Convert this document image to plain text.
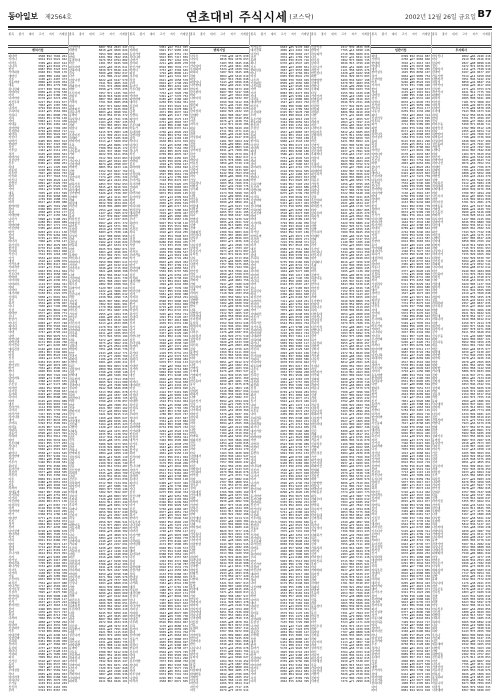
동아일보 제2564호	연초대비 주식시세 $^{(코스닥)}$	2002년 12월 26일 금요일 B7
종목 종가 대비 고가 저가 거래량
벤처기업
파다바	4508 ▼42 7604 261
카라나	9914 ▼14 5621 942
아라우	3309 ▲84 2647 612
나나차	6693 ▲44 8442 271
한신	9987 ▼50 3323 672
가아파차	0948 ▼41 7820 176
대바신	1000 ▼88 1402 403
사우	1106 ▲41 4407 473
성동바아	0800 ▲30 6435 954
대동	4964 ▼84 4779 596
차나삼파	6377 ▼48 7034 961
라마타사	0950 ▲16 2739 538
아차	8501 ▲24 5300 745
다자마자	0178 ▲52 3274 268
자진우차	0217 ▼92 3319 677
파다	7963 ▲55 1387 556
나라자	9794 ▼40 8322 033
우하타나	4143 ▲55 2564 004
가하다	0346 ▼81 0898 759
사하	0632 ▼51 6702 130
카타	5903 ▲11 3131 438
타대동	3742 ▼26 4481 442
성마한다	4703 ▲04 7304 450
차성한나	9792 ▲39 6843 717
파아하	0430 ▼20 9622 927
자신다	1078 ▼00 1290 025
다바카	0405 ▼69 3867 013
한파한	9821 ▼27 3323 990
사신	9723 ▼58 5287 876
가우삼	1443 ▲32 2111 243
성라	0105 ▲50 6894 561
타바카나	1661 ▼78 3657 973
성성삼가	0699 ▲07 2690 271
신우	8456 ▲71 1860 261
차대	5573 ▲11 1325 029
자동대	2190 ▼04 1564 911
차우한	7607 ▲96 9691 703
아신파	2112 ▼77 7618 574
마신사	7507 ▼48 4624 144
진한진	0891 ▲07 0429 703
하타	4207 ▲25 6522 326
가마	2941 ▲72 9499 176
대동	7935 ▲18 2313 599
차타	2146 ▼16 9068 606
바성	1749 ▼40 1988 374
마차	8617 ▲02 8485 988
한바타삼	0496 ▲05 7619 290
라타	0360 ▼06 2937 958
하삼	4958 ▲09 2710 177
아대한바	8799 ▲77 2155 584
나차가	5898 ▲41 5108 291
마가	6288 ▼91 4894 089
라바타바	8762 ▼67 1771 372
마진한자	5385 ▲82 4018 575
바라	8203 ▲59 2111 130
신타	5295 ▼78 9262 949
성파	6745 ▲11 0811 276
타다라	7960 ▲35 1794 147
하카성우	0747 ▼82 4679 083
한라성	0770 ▼12 1296 676
진타파	9791 ▼21 6813 068
가신사	7512 ▼39 1218 430
가가	9532 ▲42 6661 370
대삼	1510 ▲11 1299 979
가카우마	0761 ▼80 8117 002
가파라카	2197 ▲73 3342 067
바가신	6663 ▼36 4314 004
신우나가	9393 ▼04 3658 300
타바바	2947 ▲23 1146 562
다아차차	3898 ▲19 4336 031
아타파우	1114 ▼77 2964 341
타파	1323 ▲53 9955 735
다차타	3524 ▲18 1594 916
대사자타	5150 ▼31 1321 979
가라하	5058 ▲71 6691 661
성신	5474 ▲30 9085 124
하사	4534 ▲06 2739 007
다나	7930 ▲94 7345 958
진삼	3140 ▼56 8841 798
타타한	6577 ▲01 1836 771
우나	4870 ▲73 6372 175
한삼카	0992 ▼16 0560 462
마나신	6903 ▲47 3537 748
파다나	0803 ▼78 5503 924
대가바	4693 ▼88 7459 188
다대	3747 ▲99 8720 414
나바	6391 ▼90 9679 571
타한사아	3061 ▼98 4668 003
자바진라	0172 ▼60 4102 768
라카진나	6277 ▲61 6245 883
대하진삼	6140 ▲80 3410 876
마성	2051 ▼63 3346 069
타성	4328 ▼09 8523 104
신성	1044 ▲14 2270 159
사아	8454 ▼15 8357 887
한아성신	7045 ▲90 4874 405
바가	7932 ▲01 2596 001
한다	2606 ▼29 3240 454
성다	9330 ▼60 7322 919
다마자하	4090 ▲74 3108 721
하하	2368 ▲72 0297 635
우진성	7216 ▲17 5173 486
타라한	1062 ▼52 9838 027
다사성	5798 ▼75 3592 657
동아파	8423 ▲97 6045 076
다아아	0948 ▼09 8588 485
타바	0145 ▲50 0991 089
대우	0618 ▼49 9093 310
진타가우	1114 ▼38 9855 118
나라차	6933 ▼65 7776 026
타라가가	7417 ▼25 5768 234
라카사차	5769 ▼21 7561 972
대카	0435 ▼37 8633 959
우마하	5392 ▼72 3509 691
타차동	0139 ▼07 7274 232
라파하	3975 ▼30 1928 862
성동카	6590 ▲52 3471 391
라하바	8014 ▼54 5914 709
타타	9952 ▼46 5634 601
진우아파	0921 ▼55 7777 203
가나다	9222 ▲34 6987 499
라성	5840 ▲51 2519 647
파마사	9558 ▲77 0219 545
삼라한마	2653 ▼37 9182 311
가라	3861 ▲98 3506 916
카우카	5446 ▼93 8194 581
하타성	5830 ▼76 2560 055
동라신카	2042 ▼85 9364 086
성진아	5677 ▲08 1818 505
라진라	7281 ▼19 3350 924
타우	8869 ▼41 0478 222
가우	6480 ▲78 0051 034
신동	0397 ▲99 2994 323
라자마	1046 ▼70 5682 522
삼대동마	5847 ▼07 3505 216
사가라나	0172 ▲89 2751 853
아가차	2778 ▼84 8340 538
타신한자	2636 ▼83 8371 130
타삼차성	4837 ▲73 0367 717
라자	0118 ▼40 6790 301
성마바아	7442 ▼39 2447 205
마가	5368 ▼74 1786 148
타다한	6771 ▲75 2118 446
신진	3617 ▲86 5254 974
성가	6864 ▼62 4427 598
신바	1234 ▼57 4230 968
다아성마	8728 ▲76 9089 678
한다라아	9989 ▼85 7595 574
자가	7158 ▼58 0318 316
아하	8021 ▼12 8486 707
타타	7523 ▼55 9672 147
삼대	5714 ▲92 8540 541
성타	2577 ▲11 8101 187
우나가차	4614 ▼34 3572 991
사자	5345 ▲64 9483 200
타카성	6018 ▲25 2417 200
한파진하	7709 ▼45 4310 901
파나카사	3152 ▲82 4488 829
라사우	7215 ▲90 4645 639
다가마	1168 ▼97 3702 338
가동	5400 ▲49 3285 892
우신마우	6831 ▼88 9793 404
파성진	7552 ▲62 6637 980
마나가신	1717 ▲62 4502 463
자가우성	7000 ▼71 7350 162
진성라	7825 ▲17 8475 596
한카타동	5301 ▼28 5898 198
마신카	1341 ▼77 5820 117
신가	2637 ▲91 6475 223
한자라신	1199 ▲33 3663 134
신마	4490 ▼05 0047 393
동마	1976 ▲40 7671 727
신삼	5039 ▲00 8713 760
나자바	7860 ▼95 6758 247
우대	4858 ▲27 9358 262
타차바	4910 ▲54 3931 508
진삼파카	8709 ▼16 4038 344
카우	3710 ▼06 8864 959
타대진마	5594 ▲19 2240 631
라삼삼바	8702 ▼94 6306 648
진하대	0451 ▼86 0195 958
신마차	1100 ▲77 3984 067
동성대	2737 ▲47 5652 165
자다사	1164 ▲17 6128 153
가차파	0580 ▲75 7685 030
파성	7899 ▼02 3613 081
가가신	9510 ▲87 9547 467
동차	9912 ▼46 0537 082
파마	7997 ▲87 2310 831
우대성삼	8813 ▼97 5569 523
라다	0665 ▲30 2681 953
타아자라	4380 ▼06 6168 540
차하다나	9074 ▼95 3075 339
우가동	4149 ▼14 4243 249
신신라	9292 ▼32 4410 959
우타	5314 ▼33 8367 765
종목 종가 대비 고가 저가 거래량
삼성마대	6087 ▼34 2623 247
타한라	8818 ▲20 9668 824
바마	3954 ▼90 4640 220
한대	6301 ▼82 7822 256
동라차대	3976 ▼53 0794 882
타진	1281 ▼57 9225 500
파우아바	1655 ▲83 3515 011
삼하아대	3838 ▼73 8540 241
신사	5000 ▲80 3092 017
나가	1151 ▼86 2112 080
아삼나삼	6022 ▲44 9147 579
신가	7041 ▼41 4605 324
마파진아	3701 ▼74 2868 808
바한	9598 ▲73 3765 235
우신카자	7057 ▼71 1345 704
자다우	8018 ▼18 5928 030
우동	0807 ▼63 4849 036
카라라	3791 ▼45 0985 058
대자	5457 ▼71 6402 006
파마파신	4348 ▼77 8145 069
차동나카	9003 ▲61 0698 591
동바아	5619 ▼54 8716 372
하사라나	0250 ▲56 7321 536
바대카	4103 ▲53 7587 235
라타	7704 ▼65 9553 382
대삼나	0987 ▼14 4358 830
카성	5215 ▼75 2903 128
우삼아진	2111 ▼99 2613 614
차대바	2172 ▼25 5185 840
한자카마	9113 ▲17 5460 652
우하	0750 ▲56 8906 179
마나동	7588 ▼59 8145 172
사사동차	1061 ▼37 3840 759
카타	0622 ▼35 6411 856
마타	3512 ▼91 6343 863
가나카나	9523 ▲87 0344 207
신자성바	8074 ▲66 2598 667
마바카	0805 ▼52 0433 144
진한	6152 ▼43 6637 762
하파	1722 ▲57 0921 919
성가다차	7174 ▲07 2781 324
자하	6602 ▲12 2424 254
파하가우	4853 ▼37 5592 653
우사신마	5815 ▲15 8416 561
파우대마	0903 ▲50 8955 929
성카한마	5426 ▲10 7330 387
삼마바	1897 ▲12 4111 367
자파	2616 ▼80 4978 124
대성대	0032 ▼49 4534 001
차진다	8348 ▼96 4989 887
대다	2554 ▲43 3222 364
우사	1227 ▲61 7905 672
동자	5127 ▼39 8947 680
타삼신신	0127 ▲13 1937 023
바바삼진	9567 ▲82 2971 372
파가동	6844 ▲22 5371 304
우삼아	2019 ▲52 6750 236
진대진	8283 ▲70 7038 146
삼성자	2247 ▼88 8296 956
삼자	8628 ▲59 5735 265
나신나	1902 ▲19 1540 824
한동하	3186 ▲67 6334 372
아자	0525 ▼31 5002 871
우신	0463 ▲93 4346 001
동자바	5763 ▼02 7971 723
바신하나	9512 ▲99 4953 359
바대카다	3959 ▼09 0983 611
가우마	1687 ▲03 0132 614
라가라우	3048 ▲69 3715 069
라나	3821 ▲88 8498 398
나마	8832 ▼66 0542 516
가진마파	2721 ▼30 2431 739
동나마하	0051 ▼08 2363 987
대우신	2882 ▼93 0308 564
하바가아	5129 ▼87 1329 314
동나	4222 ▲41 3966 307
신진나자	7315 ▲48 6885 612
라삼	2238 ▼66 2290 715
성사신	0625 ▼07 5891 859
가자파	7802 ▼47 8281 981
바아바자	1778 ▼60 6608 037
마우진	2417 ▼51 9487 236
가사자	2955 ▲31 1064 335
한성우	2481 ▲90 2631 322
자나	0180 ▼15 9318 720
다진사사	8113 ▲16 2633 085
차카차하	4178 ▼31 9877 404
타카바파	1159 ▼92 1140 501
차우하	9411 ▲63 3305 853
사바하	7673 ▼24 5559 194
다하	5472 ▲27 4669 222
가신대	3075 ▲52 3662 434
성차다	0678 ▲76 2564 636
바삼바	7051 ▲88 9346 736
한카	2243 ▲08 1612 771
진라신	2770 ▲77 2289 769
파타다	1196 ▲36 2735 645
다한아	9401 ▲83 2180 411
하진	4660 ▼92 0053 518
성삼삼타	2809 ▼66 8768 831
사삼	4798 ▲39 1598 148
한타대	3286 ▲80 5100 392
라동한라	6735 ▲19 7014 358
성카대	9695 ▼22 1914 689
성라타다	3550 ▲35 7048 908
성나바	9942 ▼48 5820 098
마타사	5313 ▼50 2601 078
하대	2068 ▲44 1837 195
한진마다	4843 ▲22 3830 725
마차	9790 ▲50 1738 857
한아	5699 ▲00 7008 351
진라	4521 ▼87 3383 162
한타카차	5717 ▲46 8554 982
삼성	3421 ▼29 8215 513
아자신	1260 ▲44 9665 627
타성대진	9988 ▲89 8156 201
진신파	5164 ▲18 0535 223
나한라	1228 ▲37 1814 043
다파동	5282 ▲44 1071 853
다사나	9235 ▼51 1138 552
삼진	4217 ▼34 7918 414
신우	4649 ▲88 3371 296
신차	5986 ▼28 3173 963
삼카	9138 ▼24 8690 978
카하나	3768 ▼74 6953 540
한마파성	2884 ▲44 1059 110
성삼삼하	0626 ▲12 5626 110
사다	9030 ▼17 2965 001
차타	2100 ▼19 3226 749
삼동	6229 ▼12 5704 487
진신신한	1371 ▼21 1852 893
하대성	0345 ▲26 4569 709
사대	6720 ▼31 9616 561
진진우	4406 ▲59 3764 030
차차하마	0712 ▼65 7134 091
대자신타	4537 ▲67 5086 741
가자	9983 ▼77 5760 146
타하대	3402 ▼27 3922 607
성다사	5810 ▲66 0063 957
우타하	7128 ▲94 6103 206
신신신	8324 ▼11 2033 444
우나가	8500 ▲28 6951 572
하바나	7585 ▼34 0779 599
자사	0656 ▼02 8337 640
신다사	9342 ▲31 2507 220
차성	2702 ▼55 9565 670
차진	2056 ▼27 7686 941
대한아동	7116 ▼77 2963 153
가동가차	7519 ▼78 0467 883
진사	0296 ▲76 2028 302
사나	4461 ▲35 4699 971
타사라	5893 ▲42 1975 911
삼마라하	2146 ▲97 1419 400
가나파	4347 ▲53 2157 691
우진차	6438 ▲07 3695 861
카동마성	4277 ▲12 1228 319
아대	6306 ▲74 1548 899
파진	4516 ▲90 6985 374
삼삼차가	4822 ▲17 6158 594
아신차라	5788 ▲82 2512 206
라우신	0241 ▲78 3348 553
차나자파	5931 ▼23 1647 998
바대삼	8259 ▲62 8798 348
자사사삼	6571 ▼04 7285 976
하타나	8538 ▲70 7577 365
신성나	9493 ▲44 6868 634
가한	0024 ▼39 8394 880
삼다	7809 ▼22 4009 079
신동나	6696 ▲51 8269 669
차바	9427 ▲47 9142 824
파진우우	2846 ▼86 4466 607
아바파신	3006 ▼25 3030 651
하마차신	6368 ▼62 3022 239
우진라다	5672 ▼04 5469 410
사차	5645 ▼47 6059 441
성하	6871 ▲93 3645 283
마가	8607 ▼81 0857 542
다다	2072 ▼44 2634 935
진진삼	4062 ▲98 3272 015
하성한카	0421 ▲22 7991 848
아차	4921 ▼65 1115 043
성진나자	8993 ▼79 4309 908
차파	2556 ▼09 6635 737
차신가진	1031 ▲92 8284 735
마자하한	4851 ▼88 1110 828
동마바	7370 ▼28 9361 389
신동동	0788 ▼67 6412 639
진나삼마	0963 ▼52 4539 886
차마사사	8291 ▲74 8212 769
자아차	7842 ▼22 0015 447
차바카파	3935 ▼01 8271 158
다카사	7320 ▼72 5187 828
신자	9161 ▲03 2198 248
라타라타	3897 ▲80 6786 936
다대삼타	9692 ▲81 4603 835
파자하	0211 ▼64 0426 101
종목 종가 대비 고가 저가 거래량
다동	5981 ▲92 7514 945
자파대	5821 ▼17 9985 160
동삼가아	6605 ▲20 3351 743
사다나자	9813 ▼05 7417 859
나한가	1662 ▼97 1216 079
삼아파	2211 ▲88 4095 278
한신가아	8592 ▼86 7632 777
바자사	3753 ▲87 3302 645
파성	1792 ▲86 8896 141
성우대	9017 ▲44 7241 027
라삼	0621 ▲08 1658 578
우타	0024 ▲57 1748 294
동아신	0084 ▼83 4219 429
가우나삼	9247 ▲96 6706 443
마마	7763 ▲13 7020 758
카타바	5491 ▲17 7270 752
파한바마	0185 ▲07 4186 440
대다우	6250 ▼25 5464 361
진진바	0313 ▼43 5622 161
진동	6435 ▼44 0478 886
나신	2071 ▼80 4637 344
신한하	8299 ▲95 3117 799
파아아	3406 ▼00 1575 133
마대	0751 ▲69 3893 337
우우사파	0418 ▼86 4180 590
바동가	2493 ▼68 0337 611
동대차자	2766 ▲94 4626 222
나한차삼	5949 ▼84 9752 352
삼차	6111 ▲91 4104 128
라다사	2638 ▼84 2231 919
다라다	7133 ▲55 0258 780
진라신	1538 ▼25 7164 350
성나카	4812 ▼85 3079 919
자신	0709 ▼84 4876 347
대삼파타	8168 ▼82 2456 815
카바대	9239 ▼29 6039 251
진우	1918 ▲75 5950 147
하바바차	8030 ▼61 1962 692
타동	5686 ▼28 6231 270
아성삼하	4597 ▼89 2661 719
우마파	0114 ▲72 1709 602
우아카동	7318 ▼50 8374 937
차사라마	3614 ▼79 5426 475
가파파	3141 ▼48 6983 463
동진	8156 ▼60 6644 935
다마라다	9872 ▼54 6995 125
동아마성	1873 ▲14 2399 814
자바	3270 ▲37 2572 545
자자	2836 ▲76 2969 519
타하사다	3345 ▲86 6717 631
한라진성	2167 ▼01 7280 632
대하삼가	7619 ▲67 2839 447
바마한	2648 ▲95 1860 456
우아	3746 ▼52 2967 136
하바아	9027 ▼54 9748 116
가동	3439 ▼15 5531 809
신자진	1855 ▼83 6097 786
자하	1916 ▲63 1544 255
나신	7263 ▼54 7848 873
성성	2833 ▼69 1142 020
우라바타	8286 ▼18 3992 435
카한	7713 ▼33 3535 365
성한	1959 ▼40 4866 037
카가진	4936 ▼36 5269 527
우바가동	9931 ▲14 5619 166
자가	8858 ▲66 3742 284
마카삼	8603 ▲29 1822 452
바카	7834 ▼37 2799 151
진바아파	7980 ▲14 4950 564
라마바	5502 ▼45 9707 509
삼진	8202 ▲76 6354 433
타성파	3943 ▲38 5738 016
대자라한	4723 ▼84 0915 889
진하	1992 ▲38 2242 058
아차	0330 ▲07 7939 330
바차신아	5617 ▼95 5334 658
카라	5681 ▲32 3036 388
라자차	7609 ▲93 9518 291
삼바파	8508 ▼33 5890 993
한가	6740 ▼97 3016 068
동자성	6719 ▲20 2432 027
마삼아	5587 ▼52 0747 974
하카신	3245 ▲64 7952 721
진대사	1991 ▼74 3145 457
마바	6743 ▼87 4813 808
신자	4939 ▼11 6331 106
성카	4618 ▲95 2407 081
다가	0472 ▲61 8328 084
카라	3437 ▲59 2129 426
라한나카	8261 ▼02 2149 324
삼진	5194 ▲91 1399 438
우다성하	3628 ▲10 3638 320
라자타	4295 ▲07 1371 262
라삼	3474 ▲98 4089 300
하가타	1419 ▼75 0731 472
나신진	8354 ▲52 5372 533
차파사	4077 ▲18 9902 484
성라	5979 ▼77 3342 133
가대한	7340 ▲82 7684 917
성가마	8790 ▲06 0714 680
사가	5894 ▼20 9283 435
대신	9881 ▼71 9248 439
아타	2816 ▲05 0834 851
타자다	6624 ▲22 7644 658
대아파진	3212 ▲84 2434 451
마삼	1927 ▲43 0832 020
자가사	2412 ▼37 5419 695
타성타	2996 ▲20 9895 169
파아동	2260 ▲03 2251 612
타대한	1522 ▼74 5416 964
차아성	8784 ▲35 6660 205
마성하	5835 ▲95 7703 336
진가	4287 ▼63 5783 645
우파마	1780 ▼87 3676 747
자다아	8162 ▲90 1567 847
대파	3354 ▲19 2723 882
가사삼아	8814 ▼83 3908 706
하바바바	0734 ▼38 5675 742
카가파라	2294 ▲20 2522 170
한우마	7031 ▲64 6398 811
아삼라	1777 ▼87 0952 341
대가가	3402 ▼00 2595 860
아가우	5927 ▲11 4038 278
한대	4643 ▲81 2547 058
삼가성	1783 ▲30 2579 187
하바	4661 ▲56 9150 119
신라아다	0531 ▼96 0311 004
동자	6434 ▼61 3712 189
한가	3179 ▼55 2948 206
신나사바	5964 ▲33 4041 836
사타가	8013 ▼12 8599 694
카동한다	0511 ▼11 9462 402
성아바	0984 ▲94 2738 865
동대사	9257 ▼66 5093 118
파아사	6409 ▲27 6247 449
아한	1355 ▲78 7738 068
가나	0005 ▼09 2673 127
삼성	6275 ▼29 1646 334
라신사바	3393 ▲82 9251 556
동우	6493 ▲56 2192 964
마자마	0346 ▼62 2249 664
다가	5328 ▼46 9029 525
진진	5750 ▲99 4482 407
삼타동	0977 ▲94 2851 742
하가	2407 ▲59 7021 807
한마카	8707 ▼57 0646 510
아동우아	9963 ▼52 2602 210
나나성다	7474 ▲36 7472 212
바가라	4102 ▼30 7621 215
아바라	1720 ▲33 7850 117
아자가한	2368 ▲55 9870 998
카신	2742 ▲97 3904 770
다차파동	1375 ▼70 8104 407
아마삼차	2172 ▼67 2500 955
한마	6048 ▼61 5195 572
대바	3776 ▼24 5103 994
동타하카	8388 ▼19 7852 315
나진	4798 ▼97 2357 567
차파	1363 ▼40 3371 868
차성	9214 ▼71 2740 787
하한대바	3910 ▼72 1531 779
삼삼카아	6823 ▲14 4555 681
삼하	2133 ▼70 6368 357
마대성	0684 ▼18 8060 025
라한동	7023 ▲45 8751 692
나카파	3452 ▲61 8341 158
대라	3967 ▲77 6781 150
라동한	1488 ▼97 1538 084
대사사한	7983 ▲74 2647 171
신성사	1989 ▲57 8994 304
아나	7387 ▲13 9414 132
하한사	1465 ▼00 0927 632
가나카카	5320 ▼60 2201 327
사파성	4082 ▼20 5114 126
카파대	3643 ▲68 8027 905
타타진마	1848 ▲69 7395 738
아대진	5232 ▲39 4201 498
다우파	8526 ▼99 0016 067
우하	1170 ▲64 8680 151
삼자아	5297 ▲69 6059 495
하대	9939 ▲36 3331 762
진마아타	2399 ▲45 0664 851
성동가	4273 ▲27 5800 973
다진	4605 ▼39 8094 697
차차다	7683 ▲15 9496 087
한동마	9659 ▲81 8798 477
삼우마	0504 ▲55 7979 745
다대	1135 ▼40 9505 991
나마	8910 ▼33 5211 290
삼우마한	7073 ▼29 4808 702
자다파	4825 ▼02 5393 506
진진	3057 ▼97 5577 729
카아	6952 ▲80 3651 418
바우성아	5974 ▼99 7341 334
나삼대	0226 ▼83 7166 570
마라자	4568 ▼67 6871 605
종목 종가 대비 고가 저가 거래량
벤처기업
사사우	7798 ▲30 4475 630
사사다	9818 ▼92 1078 653
마바	3183 ▼55 3845 046
가나다타	2735 ▲04 3831 268
우대하마	5324 ▲38 1029 592
파하다	3287 ▼22 3625 408
라타	9004 ▲90 5410 019
파성	3667 ▼10 7846 848
파삼다나	3143 ▲03 9496 846
사카한대	5962 ▲90 2221 939
한사자	9481 ▼49 0473 490
삼우한라	8907 ▼87 5247 508
마다	3107 ▲07 3564 090
나타아차	4040 ▲49 5932 387
한카	4599 ▼40 3412 366
대진파	3674 ▲46 7129 382
동가	5254 ▼44 1083 629
삼아삼차	9402 ▼25 2432 193
삼대바	6264 ▼08 3027 897
카성	9200 ▼07 0340 258
카진	4676 ▲71 4238 751
자우사	1212 ▼71 9210 386
파나	5675 ▼06 9429 290
진동	2711 ▼01 4771 643
차카	6385 ▲94 2140 924
라성진파	3896 ▲61 8127 830
대사	4281 ▼07 0464 322
진삼	5106 ▲89 8891 496
차성	0788 ▲38 8863 544
성카자진	8441 ▲75 7268 281
차가	7990 ▼26 2579 001
신아	5583 ▼21 3822 017
바사다	9276 ▼78 9386 124
마동신	3859 ▲05 5749 119
나진카	5321 ▼30 0191 004
신다가	7782 ▼55 4333 987
파바카	8142 ▼69 7563 650
라사	8838 ▲86 3068 331
가성	2185 ▲97 5516 028
차동라나	3665 ▼54 7260 031
마타신	5467 ▲32 7240 775
성우파	5168 ▼99 7129 418
다삼	1574 ▼45 5698 793
나차	1642 ▲89 0056 444
마우동	1126 ▼72 4423 918
바차우	0590 ▲55 8899 461
마삼대	9753 ▲26 0143 713
다차신	7914 ▲87 2397 055
대우한	4065 ▼37 3431 185
하나	5019 ▼08 6347 320
한바사	2502 ▼21 5239 522
아우차	9095 ▲34 2021 522
신바	4546 ▼13 6980 150
진바	6496 ▲78 2854 714
라파파진	2380 ▼41 8003 024
라신라나	7055 ▼87 4589 007
삼사우	9093 ▲56 8926 663
나아	4093 ▲71 4036 320
사나사삼	1867 ▲61 2598 733
삼라차	1682 ▲17 3703 167
우삼우가	3973 ▲33 8274 807
동다신	9913 ▼72 8216 937
사사	5484 ▲91 0713 894
우신차	2976 ▲04 8505 985
사아카	7357 ▼06 5375 865
성성	4252 ▼59 7104 584
한가삼	3678 ▼18 7650 461
아사	2099 ▲67 5700 633
진우차아	8298 ▲12 6350 002
라타자	4381 ▲48 4684 756
카타	3947 ▲87 3180 620
하성차바	4456 ▲97 7828 742
신바	0832 ▼80 1283 917
아대가	7118 ▼20 4783 050
파대동	3383 ▼50 5062 971
성한바	9458 ▼78 6340 892
한파한	3402 ▲86 6508 592
한사	1745 ▲09 3676 529
나하	9403 ▼66 9947 108
삼한차카	7212 ▼27 4265 547
아라삼대	4858 ▼58 9590 843
우아삼차	4670 ▲25 3131 192
동삼차	9762 ▼40 0354 646
대대사차	7444 ▼46 4761 882
성나	8616 ▼78 2487 510
나차우	1476 ▲80 6387 831
나다차사	1256 ▼20 2771 519
성삼차우	7485 ▲39 5525 097
차카	3020 ▲35 6333 599
하신차	8390 ▲26 2003 468
진다	3255 ▲61 6756 223
동라아	1560 ▼19 6111 009
라아카	8774 ▼65 5456 864
타차	5496 ▼49 1378 942
하신차카	9051 ▲27 0912 072
나아	3493 ▲64 1602 451
카마라	1880 ▲05 4103 594
우바대	8176 ▲45 7693 527
가마파카	3414 ▼49 9725 587
다라	0406 ▲93 0251 369
마진동타	4690 ▲00 4281 795
동나	8412 ▼17 9675 878
나사	3135 ▲31 3863 146
삼대신	6318 ▼80 8557 694
파하사	7580 ▼38 3240 042
나바	6854 ▲57 5682 337
하카신가	8592 ▲91 9394 604
신사	2744 ▲21 7185 572
카다성자	6281 ▼22 2115 833
사가차아	9195 ▲52 4558 360
바자가	5370 ▲81 6937 391
자사하	1435 ▲10 7206 102
차다	0549 ▼82 8747 391
라차	8594 ▲15 2565 306
라진	3482 ▲83 2214 586
나삼	5100 ▲11 4716 252
한대	7184 ▲58 3519 094
타마하	3648 ▲64 5456 452
대파사진	1013 ▼95 3826 090
신신	4454 ▲44 5108 845
사가	3879 ▼02 8481 398
라자	1718 ▲58 9124 179
타나	3103 ▼45 4630 900
사대대사	0359 ▼40 1464 927
라동다	9469 ▼25 6527 735
자아대	7557 ▼99 0460 442
타진	5454 ▼56 2330 203
라타차다	0432 ▲15 5143 523
카신하타	2070 ▼66 8640 076
마가삼	0737 ▲76 4733 712
차자	3627 ▲37 6082 644
신하하하	2707 ▼65 4808 951
성우우	7131 ▼53 8779 465
성대	9145 ▲72 0153 987
카하대진	4766 ▼96 3289 169
카우대성	8686 ▲24 9373 501
하한	8958 ▲96 5465 420
대자타	9938 ▲40 4992 599
카가마	9817 ▼73 3318 458
삼하우	8685 ▲95 1624 306
자다아	6343 ▼17 8938 152
한타	7409 ▼22 7402 288
다가대다	0635 ▼27 0114 513
라다자동	1697 ▲64 1960 384
사파	1593 ▼94 8068 541
바자성파	8169 ▼11 8289 444
자성	8029 ▼37 3577 236
가사동다	2208 ▼24 2264 270
다타사사	1164 ▼57 5450 724
사아사가	1381 ▲28 1666 405
아라한삼	9143 ▼07 6254 515
삼차	8546 ▲91 2482 496
나한	0505 ▼82 2622 923
파우	3513 ▼84 3100 550
자대카	9976 ▼70 4036 807
하라나차	3295 ▼44 8520 538
자타신파	6044 ▼35 6618 988
진라한	9111 ▲11 6011 378
바자신	1088 ▲86 6312 758
타파신	2943 ▲51 4593 036
동하	7378 ▼50 4277 420
나한하	6353 ▲45 7974 336
한한	5321 ▼43 9957 013
동자	6300 ▼87 1200 659
타라대	4067 ▲08 8415 496
대파	3271 ▲51 8460 813
가다	8682 ▼98 1807 917
한성사	1947 ▼40 0746 633
라아자사	1911 ▼28 5853 478
대자자	2353 ▲26 2140 519
아사자사	6743 ▲28 3154 489
라사마대	8451 ▼44 7936 609
라나나삼	3593 ▼53 3084 015
신라삼바	5672 ▲86 7810 315
다신삼	4305 ▲28 4878 361
가동	6283 ▼15 9972 630
동대차	2934 ▼87 9357 314
다하	0767 ▼94 9972 099
자카바동	2105 ▼09 8083 468
한신다	5624 ▼49 5245 829
진아타우	0435 ▼82 3961 898
한신	9340 ▲16 9326 428
나나나나	6479 ▲44 2556 678
사바	0733 ▲40 8184 794
대카사	0817 ▼56 2991 711
동타사	8782 ▲41 5698 627
아타	1664 ▼63 5729 452
동진	4024 ▲78 1887 892
동라	4278 ▲59 9808 264
다삼파대	0438 ▼00 4285 375
바대바동	9842 ▲90 2780 006
라타바	4194 ▼84 2405 252
아성성	8425 ▼68 1110 387
자신다	1666 ▼31 9814 312
자신카	4686 ▲93 7317 235
아우	6579 ▲75 4379 914
종목 종가 대비 고가 저가 거래량
가라동신	6603 ▲05 9170 940
대차진하	4006 ▲54 4416 322
다진타	2969 ▼38 6002 227
성신	3972 ▲81 1769 792
동바	6054 ▼30 8370 716
파나	6370 ▲04 0547 445
신우	4003 ▲63 4005 661
한파삼동	3687 ▲63 9553 869
마나	8512 ▲57 2784 001
타성	0965 ▼28 8941 270
나우라	9968 ▼30 7603 929
가삼파신	8509 ▲26 2656 680
나신하동	4292 ▲47 0520 616
가바	4239 ▲22 1456 332
가라	8083 ▼81 8473 059
진대	2365 ▲65 9369 146
나차동	1710 ▲41 6880 866
대대아가	1547 ▲63 2915 762
바진우	3984 ▼08 5900 845
타차	5510 ▲14 3789 582
우성대라	6325 ▼67 9678 798
우마	6643 ▼88 0944 155
동우카다	5442 ▲92 9013 218
한동타자	3342 ▼48 6659 561
한우라	1263 ▼46 1154 942
우삼신	9973 ▼43 5559 213
성다	4567 ▲43 0883 347
동파	1912 ▼01 1510 165
마라	3136 ▼47 7903 189
한가하	9960 ▲14 2543 150
다성삼	5794 ▼89 6173 101
자아바	1416 ▼44 0592 051
파대	4501 ▼09 8290 188
대성	3586 ▲91 3242 185
신카	7751 ▲19 2645 515
자파	0604 ▲49 8185 560
성타	2452 ▲47 7600 647
하마파우	8241 ▲93 4716 375
파타	2194 ▼30 9041 505
아대	3636 ▲32 1460 037
한파나	1941 ▲99 0915 813
마한	2824 ▼13 6925 057
우하신바	5349 ▼62 7493 232
진신마	0422 ▲97 4616 886
다한다타	3040 ▲20 7383 282
파대	8275 ▲25 5749 750
아사하	1135 ▼28 0649 071
사삼바자	8941 ▲04 5392 918
파우	5433 ▲01 6217 401
삼나바파	0715 ▼18 9955 999
카하타타	0855 ▲05 6258 783
진자진마	4518 ▲01 8473 690
마바	3946 ▼04 6324 933
바대	4342 ▲38 8189 140
사사타하	3794 ▼60 4166 950
사나	7105 ▼43 2642 120
마라	5692 ▲88 9386 755
차가삼	9563 ▼92 5397 186
타한동마	3239 ▲49 2974 179
차사자	1832 ▼63 0876 271
가신타	7215 ▼76 8658 371
타사	5369 ▼57 8543 935
대진	6589 ▼72 7911 082
나타	2942 ▲26 8506 668
삼대	0422 ▼28 5339 011
우하하	5639 ▼22 3808 366
차다바	9735 ▼26 0166 699
가타	7273 ▲90 8741 371
하타	8246 ▲59 8026 598
차다대	1664 ▲98 5277 948
타타바	3962 ▼26 1217 198
파신카	4268 ▲44 7146 336
카나하	4354 ▼50 1065 454
아바	6343 ▼35 6587 247
진다	3613 ▲37 5185 893
동하신사	5927 ▼04 5017 529
마차	2360 ▲92 2816 600
파성진가	1287 ▲39 0104 567
다자한우	7411 ▲52 1418 251
한차아	1041 ▲02 9781 823
가가신카	5602 ▼27 9332 848
카바	7879 ▲91 4084 544
사대파진	2867 ▲90 0248 839
마우가	4834 ▲66 0530 228
카삼	0579 ▼53 0872 159
라하가진	6544 ▼94 6801 764
성가우하	2885 ▲73 9708 216
진파타대	1147 ▼99 3997 725
바아차자	3210 ▲78 6812 744
나대파카	9309 ▼23 7461 113
사하타파	4023 ▼95 7958 672
하카나	5859 ▼42 9283 117
타아파타	6740 ▼80 3985 319
라진차	3891 ▲30 4129 540
신마	2993 ▲58 9416 166
우카차삼	5861 ▼27 3082 688
가파하	9789 ▼45 2903 586
카하마사	4078 ▼19 6034 842
파동하마	0478 ▼63 0217 051
나우우	0058 ▲29 9085 683
자진	3953 ▼77 5884 200
진하진	7790 ▼01 9549 940
파한대	1436 ▲34 3203 470
다신한	4061 ▲47 5757 999
파신파	6675 ▼58 7299 318
진성	2708 ▼35 9862 161
진마타	8749 ▲74 9904 281
파차	2367 ▼31 3882 620
우다	5985 ▼74 4077 471
신사	5642 ▲14 4674 446
나파	7959 ▲01 1473 114
우삼마	0243 ▼61 7288 773
카우우	2426 ▼10 2072 232
나타	2459 ▼86 8776 667
우파라동	5650 ▼95 0348 906
삼성진	5511 ▼21 3810 231
아마라차	4514 ▲75 2713 562
파사사	2901 ▼16 6214 605
대자가삼	2875 ▼68 7046 488
아성	6452 ▼85 0183 669
바바바라	5173 ▲41 3624 808
가한	6671 ▲22 1639 280
사한라	0523 ▼28 0796 989
마자타	2465 ▲24 9742 577
가진	7529 ▼01 0778 706
동한차	9691 ▼49 4351 153
마자	8965 ▲68 6793 448
성하	9196 ▲45 0204 067
파마	9438 ▼53 3282 966
아나하마	8473 ▼20 4332 269
카진자	1540 ▲16 4735 669
우라카	3516 ▲81 3037 048
나사카	4472 ▼46 2218 327
마자	4522 ▼60 0039 858
나사자	2596 ▲55 2746 764
한바	2045 ▼34 9433 267
한아라다	7211 ▼22 6827 364
대가	8296 ▲79 4620 105
동사한카	8694 ▼56 5675 639
동자나바	1247 ▲64 9471 012
삼타파동	5355 ▼21 9956 231
진신가	6139 ▼92 4091 242
바가아성	9123 ▼28 1261 422
다파성	5741 ▲21 0300 424
다성파	1257 ▼03 8427 206
가우자동	7638 ▼46 5549 867
한다나다	5815 ▼34 6065 666
한자차	4231 ▲92 6521 543
사동동	2546 ▲40 6976 319
우우	7975 ▲19 7431 018
신라대	8594 ▲82 3254 473
자카대우	1937 ▼58 9777 381
성우동파	9190 ▼25 8998 242
하카삼신	8058 ▼18 9026 658
라바동	4198 ▼57 9058 788
우카	4902 ▼09 5998 979
하아파나	4946 ▲23 7890 605
우하	6765 ▲14 0460 059
타마	5003 ▼01 5513 092
진신카카	4206 ▼96 1799 796
다성바	8354 ▲75 5247 554
바신삼가	4926 ▲48 6851 003
대파마	3309 ▼21 9217 466
신다바	2662 ▼92 2572 818
성파	2082 ▲95 3472 605
나타	9179 ▼52 0348 692
나신바바	9390 ▼55 3489 130
카신	4688 ▲47 9147 233
진나	4533 ▼53 8182 634
바한	5869 ▼57 1845 944
다마차	9253 ▼27 8751 604
대다	0354 ▼18 7465 626
다파진	6572 ▲23 6935 072
신라	6178 ▼33 8430 341
진타동	2579 ▼42 1176 165
파나	0887 ▼15 1479 188
사라파차	3077 ▼59 6316 599
동삼성	7155 ▼46 7729 090
나사대	0222 ▲22 7122 480
자타삼	2299 ▲97 7424 879
하동삼	4054 ▼62 5605 147
우한대	4909 ▼15 3885 315
신한	7464 ▲56 8085 447
대신	6432 ▼64 0068 135
한카	7411 ▼08 2312 760
동바가	5178 ▲19 9626 507
삼동차	3825 ▼20 6710 243
바가	8947 ▲92 9180 287
신차바나	5905 ▲18 6884 482
타차바	0339 ▲96 9756 996
타타자카	6424 ▼32 5162 094
타자우	8543 ▲94 2655 908
차아	0056 ▲95 6914 881
가바	1105 ▼04 9644 295
사성	0920 ▲67 8369 799
다차	2662 ▼15 4264 395
종목 종가 대비 고가 저가 거래량
신삼카우	2217 ▼39 4826 008
한차마	7795 ▲14 6098 146
차사파라	2718 ▼86 0600 831
나우	5537 ▲31 6011 910
타우삼	7892 ▼73 6960 735
삼자나	9046 ▼15 4799 440
사진나가	1891 ▲51 4280 447
자삼가	1121 ▼58 0455 476
한신진다	4328 ▲45 6102 958
파한	9541 ▼29 0673 003
바바타한	6499 ▼34 6267 198
신마차	6378 ▼67 4683 056
아한나	5146 ▲99 2998 914
우바파	3803 ▼00 9103 750
다성	0155 ▼01 1639 648
가자가자	7095 ▲10 1389 112
타바동아	5205 ▲96 3616 363
차신신	9546 ▼79 2321 498
타진바	3777 ▼42 0935 423
타삼파	5897 ▲14 8428 447
차대우	6806 ▼66 4910 250
사한	9771 ▲31 6028 105
신가	5075 ▲17 4655 527
아자성	2063 ▲71 7497 213
자진	2894 ▲83 3022 870
나아아우	3726 ▼85 1949 182
마동마우	5812 ▲51 6685 663
진타라라	4575 ▼11 6782 886
우차	7982 ▼50 6650 703
마진	6231 ▼83 8952 121
신마가	7663 ▼90 5238 162
사다가한	9841 ▼71 4130 911
진진성마	0437 ▲76 7891 929
우파자다	3358 ▲63 1727 213
아차다	2332 ▼68 4434 129
가차	9929 ▼84 2603 093
우하아	8605 ▼02 5752 572
사라라파	2799 ▲07 7000 412
파대마한	4302 ▼87 3730 940
파우라가	6021 ▼66 3656 622
바타	4990 ▼93 8989 274
하동우	8078 ▲80 9393 775
가삼진	1056 ▲67 9795 265
자마나	4012 ▼32 9087 654
하자나	5977 ▼06 7278 922
한차삼	6722 ▼60 5448 190
신차	8546 ▼60 3241 825
우신아파	4109 ▼45 8476 202
한라바	2621 ▲86 4324 247
파대신가	1420 ▲68 1710 723
타자	6543 ▼16 2807 805
삼다우바	8421 ▲54 4325 279
하다성	0416 ▲26 0562 391
가자	1229 ▲19 7460 730
차아	5429 ▼39 6886 212
아한	5662 ▼25 6171 545
삼바	0767 ▲28 6356 345
신우다라	7689 ▼36 8945 250
타대바	7486 ▲66 3215 941
마파	2627 ▲49 5747 553
하우	1148 ▼87 1305 240
라가	2792 ▲23 8303 562
우가아	7168 ▼87 9364 509
자신하나	5344 ▲09 3154 350
타우사우	9979 ▲82 6515 123
대카	9430 ▲36 0048 663
성대파나	8616 ▲47 3256 939
우파	1192 ▼40 3590 623
타동	4030 ▲03 6966 445
마우	3295 ▲20 1136 182
진바가	0066 ▲00 8576 619
하라다동	7360 ▼94 9050 356
가라	1395 ▼47 0123 340
한우다	5843 ▼04 5330 645
마카삼	9290 ▲61 8346 748
타나	7152 ▼70 6233 183
성우	5438 ▼32 3143 267
자바	9014 ▼78 6655 100
우카한다	3640 ▼20 8868 735
타다다	6030 ▼52 8055 452
차차나우	4298 ▼39 2419 683
하대	8798 ▼94 8326 464
다한동대	9654 ▲46 2008 690
신아신나	2210 ▲41 6315 323
삼성다성	8791 ▲92 6336 396
차나라	3279 ▼76 7408 334
다진카성	7452 ▲08 4603 712
한한나나	1169 ▲84 1110 852
진사아	7693 ▼73 6092 376
삼카	5202 ▼75 1096 388
하가	5663 ▲07 3837 232
사나진파	6955 ▲79 4558 257
차한카	6175 ▲65 0612 176
성타사	4384 ▼40 4676 984
진마나	2472 ▼14 8629 690
가우한	9460 ▲88 1561 296
나사사	5357 ▲30 3392 772
가성	8012 ▲98 2501 225
우대나	2589 ▼52 3563 253
자성	3585 ▲21 5252 308
바진자카	8119 ▼67 2463 804
아가파	9363 ▼09 0102 519
성파파	0406 ▲39 7930 113
삼가카	0439 ▲59 4558 716
라자아	9350 ▲68 0064 198
바동나	8271 ▲76 5570 570
바대	7508 ▲97 3996 584
신마	9327 ▼06 6922 590
가차	0088 ▲78 3455 432
하대	9792 ▲85 5910 650
라나성	3486 ▼22 2484 766
다차차	7068 ▲69 8837 752
삼성나삼	5303 ▼53 2896 466
대하마가	9141 ▲74 2042 054
나사자카	1524 ▲65 1293 300
사하진	0527 ▲77 1865 069
바우아대	4194 ▼90 4167 089
진하	6301 ▲69 8967 346
신진	8308 ▲45 9539 677
라파	8997 ▼23 2817 251
진라라성	9431 ▲19 6795 350
가동카	9886 ▼95 3116 070
신다라우	1206 ▼00 5266 802
카한파	4543 ▲46 8162 985
성바	2587 ▼68 0115 696
한진성진	6984 ▲04 2930 838
가가	4600 ▼32 7360 369
파가사대	6001 ▼30 2365 358
삼카사차	9937 ▲11 9260 961
파파마신	8583 ▲94 6753 425
한대파	5681 ▲78 0606 122
대카바	2579 ▲31 3548 728
진삼신	8555 ▼84 5379 213
대자	3432 ▲63 5600 979
신한한한	8096 ▲76 7619 061
타삼나	2741 ▼06 7227 324
바라아카	3943 ▲55 6255 863
바타동우	3774 ▲30 1263 773
파우	2780 ▲10 3987 779
라파우타	9924 ▼75 6460 612
타한	7093 ▲32 6385 252
한아하	9194 ▲87 7822 332
차나자가	1748 ▲16 3594 028
한나	9053 ▼64 5775 360
타아동대	8210 ▼63 0812 188
신마성하	7850 ▼03 8505 472
동카	2349 ▲86 4897 904
하가다	8702 ▲72 5624 161
신사성아	0540 ▼65 4493 088
카마	7396 ▼40 4154 433
다파하가	5265 ▲32 7584 687
하진	2646 ▲75 9341 481
가타라	4665 ▼36 5733 294
신자	3556 ▲38 7111 409
가하라자	4360 ▼16 6485 787
바신자	3156 ▲45 0644 378
신카	2283 ▲36 3379 384
타아삼다	9407 ▲80 5741 216
한차신하	9715 ▼67 7786 741
우타	1324 ▼82 8505 921
아나	0667 ▼47 6732 007
자타바파	0917 ▲50 6035 203
하아삼	3148 ▲23 5639 237
하자	3626 ▼78 5213 215
라타	3572 ▼62 3686 140
차대아	1781 ▼47 8740 957
하파다	9780 ▼21 2692 664
한라한	6777 ▼85 5534 260
우동아	2654 ▼47 7366 845
한나	8752 ▲38 9808 622
신하	4222 ▼59 2096 056
자차	3665 ▼59 5508 204
동동삼다	8884 ▼39 8976 020
신자	7900 ▼45 3975 099
동진	7291 ▲37 7604 237
마나진	0781 ▲79 8991 955
라아	8106 ▲19 1808 747
타가	5723 ▲89 1171 629
한진우성	5251 ▼71 1613 637
마타	7126 ▼24 1030 096
하자다	7707 ▲80 0808 528
진타동	6386 ▼35 9665 039
라타	0475 ▼97 9621 144
성사카차	1113 ▲13 3857 749
자아	7736 ▲43 6839 293
성아라진	3506 ▲58 3716 116
바신	0764 ▲56 9703 919
자나카	0166 ▼46 9124 116
파우삼가	4680 ▲58 3442 015
차차대성	4930 ▲75 5338 697
우동	8295 ▼15 5523 503
카나아대	9862 ▼25 4922 465
사삼신타	7673 ▼42 6076 832
카한가	5628 ▲39 2728 004
진타카	1552 ▼06 7469 075
사바신	7276 ▲71 2999 026
종목 종가 대비 고가 저가 거래량
일반기업
파대	0399 ▼42 6541 887
가한차	2760 ▲67 0882 660
한대대	3010 ▲71 4913 343
아대사	4369 ▲75 6033 005
대신	5359 ▼06 7705 265
한아성우	1625 ▼59 8050 107
성카	9964 ▲63 9885 754
우삼마삼	6558 ▲99 7643 875
마우	9246 ▲86 8522 919
카사아	8715 ▼31 7389 420
한아	7628 ▲17 5493 673
성대	2135 ▲23 1915 821
나바진	1408 ▼95 3160 163
삼성	9965 ▲45 6531 440
다한다	8670 ▲71 6645 753
신카자	6274 ▲05 5659 966
타다하	3767 ▲29 3541 177
나동성	0259 ▼22 1332 268
파다	7553 ▲63 4810 314
진삼카성	0801 ▲25 4773 026
아우하	4060 ▼05 9332 995
파가	3711 ▼48 5389 065
파한	1002 ▼79 5462 383
대삼	8171 ▲94 2119 674
차차사우	1220 ▲15 6808 903
진타성가	7284 ▼70 5101 570
동파	8115 ▼18 4011 290
하성	2539 ▲55 8651 132
사신	6916 ▼65 8788 902
카아삼	5577 ▲13 0691 780
타바나자	0178 ▲11 4933 687
나가나	4573 ▼82 1949 357
신진성	7867 ▼41 7754 816
타한	2003 ▲00 0254 836
삼다카	7111 ▲14 8623 281
동하	1122 ▼40 8608 141
대마나	6422 ▲59 0223 863
카성자라	6107 ▲72 7474 759
다동타우	9813 ▲32 5107 603
신신대	7532 ▲46 5346 606
진나신	4269 ▼39 5585 509
진마한삼	7750 ▲13 6123 808
사타카바	7130 ▲16 3916 187
바대	6766 ▼38 5458 317
라대마	9608 ▲34 4403 905
삼카	4143 ▼82 9244 848
한성	9621 ▼02 0383 739
삼바아	3737 ▼96 7740 062
파동	8672 ▲78 9309 728
신가가	3861 ▼76 1914 430
아차사한	9491 ▼32 3379 318
한차나가	1644 ▼27 3042 180
타사가신	2624 ▲02 2700 831
차대차	8789 ▲21 3088 642
타성진	2742 ▼48 3246 452
카차	3679 ▼54 5230 315
나자	0696 ▲71 4114 587
진한마	6914 ▼86 3683 032
동아	9103 ▲89 1115 238
가아대파	4137 ▲84 8410 610
대사다우	1320 ▼74 7677 332
하하가	0270 ▼90 9138 557
대삼라대	0192 ▲40 4986 611
사마	6747 ▼18 0737 664
라타마	3365 ▲01 9876 557
라동나	8871 ▼93 8903 448
다한대	3377 ▲65 6020 129
진성하	7772 ▲35 2936 899
성하바	1066 ▼95 8731 458
자차	8324 ▼75 4453 590
가삼라사	5311 ▼92 8229 344
카우동	6472 ▼39 2891 680
대아	9632 ▲66 5437 391
성바신	1527 ▲48 1673 403
다타	2330 ▲21 9671 841
파차성	5307 ▲07 9973 331
대동우	7374 ▼72 8275 610
다신우	9239 ▼47 7556 999
사대	7908 ▲70 0563 616
가아대	5972 ▼74 3270 622
성아	7384 ▼06 8586 643
진사바하	9698 ▲42 6351 221
신나아	5349 ▲14 7835 914
바우가다	0804 ▼56 1095 971
카파타	5104 ▲65 4710 694
나나대나	3937 ▼36 2342 950
카다차	5811 ▼07 7478 961
우사한파	5843 ▼71 5029 622
자삼	5246 ▲17 4426 751
라자다	4707 ▼65 6239 540
바아마바	2482 ▼37 0311 177
라라	9687 ▼20 8722 784
다진나하	0161 ▲67 3122 406
하대라사	3445 ▲68 8269 646
하하	4517 ▼64 3510 302
성바가	5578 ▼01 6182 648
라우사타	5394 ▲89 6649 643
사타차	3792 ▲31 1250 898
동동바마	1885 ▼24 7519 319
한삼대차	6562 ▲72 4106 302
동타동아	0551 ▼53 0995 035
나한	0447 ▲08 0980 594
한파우	5828 ▼00 7651 573
라진	7019 ▼49 1332 145
한카	2643 ▼90 8289 802
다아	7447 ▲07 6512 438
신신	7851 ▲44 5020 688
동아카	1967 ▲48 3388 811
바한	0495 ▲23 1963 504
신한다	5784 ▼10 3487 115
아라자	9872 ▲07 4991 716
한카타마	9494 ▼44 3941 067
성하	4815 ▼69 4695 585
사신동파	7617 ▲32 8768 645
진파동	5168 ▼70 0560 313
대차하	2697 ▲07 0261 880
우라타	9926 ▼23 0841 446
하신아	4144 ▲38 9321 891
자차	0936 ▲23 3779 013
가가진	7346 ▼43 6415 846
동파자바	6463 ▼29 0305 592
나성	7835 ▼49 1654 160
성카삼	1013 ▲36 2068 661
다우라	4090 ▲13 3460 161
카가바	6056 ▼98 2762 441
성마바	8912 ▼52 1943 719
신바마	8766 ▼16 8123 986
진바	0840 ▲76 9519 314
신진라	7713 ▲60 1115 119
차신삼카	5665 ▲32 7009 034
동성나사	1761 ▼21 8459 784
아파진	5877 ▼25 5817 917
진삼	4887 ▲71 8117 414
하차	3907 ▼77 8073 102
바다신	5316 ▲16 5114 462
아타라우	6230 ▲42 1547 016
신자대	9207 ▼27 0839 406
다타	8015 ▲78 1912 077
라바하	8190 ▼84 5729 094
진아	5606 ▼17 9842 690
신하	3449 ▲84 6300 228
타차	2230 ▼80 6461 517
가진진	7006 ▼32 7181 092
진사	3177 ▲17 3770 136
대성타	6542 ▼70 3730 962
자자성진	8079 ▲22 6707 880
가우다가	5125 ▲04 1949 311
우마다	9439 ▲81 4709 714
한마	1274 ▲44 7646 900
자파다	0484 ▲20 3710 729
동아진진	6943 ▲57 8745 377
삼성성성	9238 ▼17 1724 360
자자성	8024 ▲46 5983 940
진가	6670 ▲56 4904 252
타차타차	3274 ▼81 1080 998
대삼마가	8387 ▼72 0273 561
아신	6291 ▼83 3844 503
차하	4054 ▲67 7366 974
자하우진	4885 ▼51 2374 885
성대아	8016 ▲24 0988 809
성진	6013 ▼98 6757 182
다하대	8215 ▲43 7496 363
대차성	0205 ▲98 8934 443
파마카다	2859 ▲27 4615 139
대마	1164 ▼75 6887 471
동카우가	9321 ▼74 1923 299
삼아	8799 ▼18 1496 166
차자한파	3460 ▲98 5908 026
성다바	9813 ▲83 6735 373
삼자우차	1651 ▼86 5504 199
파사	8407 ▼51 5265 554
마성성라	6377 ▲43 8696 798
성가	3757 ▲96 0462 592
다동사파	7769 ▲87 8443 054
타차하동	7449 ▼22 2510 717
타하	5718 ▲87 5968 997
삼타타	2681 ▼61 7564 892
파차아진	4348 ▲48 0496 864
바나	5285 ▼17 8524 279
타삼성가	8269 ▼88 8078 522
동사카자	5693 ▼61 6042 341
우우	8758 ▼94 3128 846
성라나	2846 ▲81 4631 447
다카바	5913 ▲67 5034 847
차한아	8989 ▼33 4326 226
동대아	9835 ▼07 3517 504
신삼	2068 ▼85 1078 776
나진	9193 ▲38 0477 568
대한	9888 ▼66 6463 715
우카자우	6575 ▼84 7796 728
삼대	6414 ▲00 1973 419
타자아자	0603 ▲08 1771 455
성성가하	0671 ▲32 5077 029
삼하다차	1908 ▼13 2395 801
다타	6508 ▼10 0370 830
바타	8881 ▼44 9631 018
종목 종가 대비 고가 저가 거래량
투자회사
마사신나	9002 ▲66 2240 218
마나	2919 ▼58 2616 834
삼나바	2827 ▲08 8098 646
성신	3272 ▼74 8336 833
신자타사	1411 ▲76 7528 918
삼라마	0197 ▲94 0677 497
카동가한	7614 ▲12 6258 660
다한자사	3551 ▼46 5222 432
차삼성	8850 ▲44 8847 154
가카가아	0498 ▲20 4617 669
신사한	2371 ▲91 9753 670
라카가사	0441 ▼12 7775 702
파바바	7069 ▲15 7913 604
파차라	2685 ▼98 5041 486
타카삼	7181 ▼79 3068 267
아차성	2486 ▲49 0073 836
다아아	5770 ▲09 6878 495
우라대	7943 ▼68 1673 944
자대	3912 ▼50 6536 638
한대	5701 ▼75 4399 497
신사	3000 ▲37 3602 410
타자우동	5290 ▼71 8548 711
대마진삼	4782 ▼89 0512 128
타다	2455 ▲44 0454 712
하한마타	4117 ▲09 7460 917
대마동아	7788 ▲89 3736 960
다성다바	1848 ▼00 7537 409
성신동파	8913 ▲76 7941 087
카삼신	7239 ▲35 7497 964
나바나	4644 ▼83 7842 840
타자	1284 ▼73 9529 650
한진카	2894 ▲46 5342 026
아마카마	3025 ▲90 0643 712
차자나신	0076 ▲56 7652 551
마대마	9781 ▲82 7766 875
삼파타	7385 ▲16 6760 087
하마성	4888 ▲30 5652 288
마한신	1360 ▲43 2444 379
성바	8774 ▲84 5922 435
가다하신	1912 ▲36 5984 238
차대성파	1710 ▲60 4530 062
다타대사	2069 ▼49 0276 368
마다	3780 ▼57 4494 190
사신사사	0642 ▲07 8695 539
자아	1326 ▼02 9014 806
라신아진	5781 ▼21 2681 476
마마동동	2951 ▲23 0137 846
가바성	6986 ▲24 4449 702
우우동진	9990 ▲36 5416 688
바타라	7028 ▼28 6314 128
하사사타	1447 ▼86 2125 684
삼아마가	6046 ▼59 0889 780
사신대	6502 ▼36 8311 512
마아	6605 ▼61 2582 324
파가	7343 ▼23 7722 338
마진성	1925 ▲60 3175 333
나마아	4497 ▼85 8527 228
신자대	5858 ▼00 2769 192
타타자	6218 ▼14 5999 875
라타	7745 ▼72 8701 953
나성카나	6696 ▼10 9038 188
라아사카	7235 ▼29 9365 382
다차바	7402 ▼29 8330 787
신카진성	5694 ▲85 2030 719
차파파	5150 ▲72 0552 541
사나아파	5050 ▲88 0732 614
타가	4940 ▼03 4484 880
신신하마	1734 ▼70 7833 990
다다진	3069 ▲14 9728 872
사타	5418 ▲53 8150 274
카차대	0429 ▼85 1137 560
대차라	5329 ▲16 4194 735
라자	3911 ▼42 6505 989
마자	2419 ▲76 3568 048
자삼타	9436 ▼56 3455 478
성동	5635 ▲42 6224 170
차대사파	2257 ▲85 0837 035
삼우차우	9515 ▲47 4022 429
바바	2634 ▼81 4966 248
삼하	9521 ▼21 8042 924
마신대	5878 ▼54 3477 113
라하나라	0249 ▼68 8012 012
아마	6150 ▼77 2214 378
대진마	9184 ▼77 5426 344
하카라사	1087 ▼78 6271 008
진가	5911 ▼55 9628 054
신사우동	7131 ▲30 6087 988
파타	6404 ▼90 0587 321
성우다동	0952 ▼69 3459 435
대동	5564 ▼01 7102 364
바진	0393 ▲04 6575 977
대차대	4039 ▲27 9130 407
자카한	7754 ▼40 2783 936
대카타	9278 ▲51 4226 344
바아	2078 ▲95 2565 865
대타	1801 ▼54 4259 788
대타한	9304 ▼68 3142 990
카나대	5886 ▼70 0033 080
진타	9116 ▼47 2771 406
대자	9864 ▲81 7434 849
진타성	2706 ▼77 5480 437
한다	9453 ▼46 2342 591
성카파	1525 ▼94 6025 939
마다	9168 ▼72 1060 827
성동성	2154 ▼65 8317 050
라삼	1404 ▼74 7355 316
동파	2569 ▲26 1886 991
사나대차	8669 ▼47 9261 307
자다타	1635 ▼12 8553 786
하사	5259 ▲88 7774 406
다우아	4334 ▼94 0481 423
진신	3220 ▼98 8319 843
진하신바	0171 ▲72 5794 243
마한나	7923 ▲56 6379 038
한파	8377 ▼62 8775 462
차라	3483 ▲66 8961 372
차우	5902 ▼46 6405 490
성파가우	5563 ▼55 8036 422
동마삼	0987 ▼33 2907 935
동사다카	2018 ▲05 7673 383
사다우	4138 ▼67 4166 207
마나가	6147 ▲18 1658 119
가진	1605 ▼86 9693 091
신우	6269 ▼22 0812 005
사차	4325 ▼48 5375 460
진아	9091 ▲32 4855 851
성성사자	5591 ▼99 0621 667
자라	7997 ▼45 3078 259
타삼삼	9233 ▲81 6064 342
우카	6155 ▼82 6895 832
하삼진	2277 ▲24 0983 229
나나바	8278 ▼56 3050 505
카나타	2179 ▲87 5927 770
한가성	6978 ▲97 7882 845
삼대우	9757 ▼06 7637 998
다동	8142 ▲60 5747 184
신라	3720 ▼16 9260 047
아카라진	5355 ▼57 9462 651
가가차	3290 ▲34 5104 724
차신대	0124 ▼11 0845 785
우타바	6957 ▲77 4375 746
나라	5167 ▲33 1880 468
다사한	6527 ▲58 5021 242
우자마	7977 ▲62 9251 015
차차	5812 ▼36 5137 167
나삼자대	7365 ▲68 3390 238
자바다하	4830 ▲93 3987 792
가바자카	0982 ▲31 9511 870
사나차마	5490 ▲98 2447 123
동바	2005 ▼05 6776 543
라라가마	5507 ▼14 2982 642
하성나신	9554 ▼06 9888 366
사대다사	8101 ▼99 8492 922
파바파라	7540 ▲86 8801 842
아성	3297 ▲37 4277 235
한아우	4628 ▼34 2553 265
마사우카	9490 ▲18 7382 040
다성차	2691 ▲73 9930 231
대파사자	7920 ▲89 5683 010
사나차	7717 ▼29 0954 701
삼한	4650 ▲95 7411 339
동파	3342 ▼91 7572 629
라나나대	1176 ▲38 2921 033
자카	3983 ▲84 9912 476
신동우동	5378 ▲48 4117 494
신나진	1803 ▲37 9189 919
진바	1623 ▼41 5205 042
성진	3205 ▼05 9258 218
타라	8323 ▼62 5597 670
마성	5622 ▼96 3414 921
아나신우	4007 ▲54 2699 856
신신삼	1888 ▲34 9029 383
타한다	6458 ▼13 5357 709
다하라	2017 ▼81 1685 015
하자다	6565 ▼48 6892 219
나나	9990 ▲19 5989 941
대차	6723 ▲97 3028 944
하타	6143 ▼75 2655 789
우우나	8604 ▼90 6996 662
카진파	9964 ▼04 9127 335
다진	9920 ▲80 7124 609
대동대바	9342 ▼90 3265 659
다한차	7470 ▼81 3163 199
카타	5559 ▼36 2396 153
하한마동	2402 ▼32 2757 867
진신하신	2175 ▼11 4330 853
아카	3001 ▲49 8007 292
나우사	7795 ▲87 4571 309
가라가라	3778 ▲30 9243 047
차동차신	4905 ▼53 7628 976
마하사	0026 ▲95 1806 263
동성하파	0388 ▲74 8835 407
성대	0938 ▲58 7840 715
아동나차	8273 ▼88 7059 895
타라성	5065 ▼79 5509 333
사라대바	8367 ▼82 9498 607
